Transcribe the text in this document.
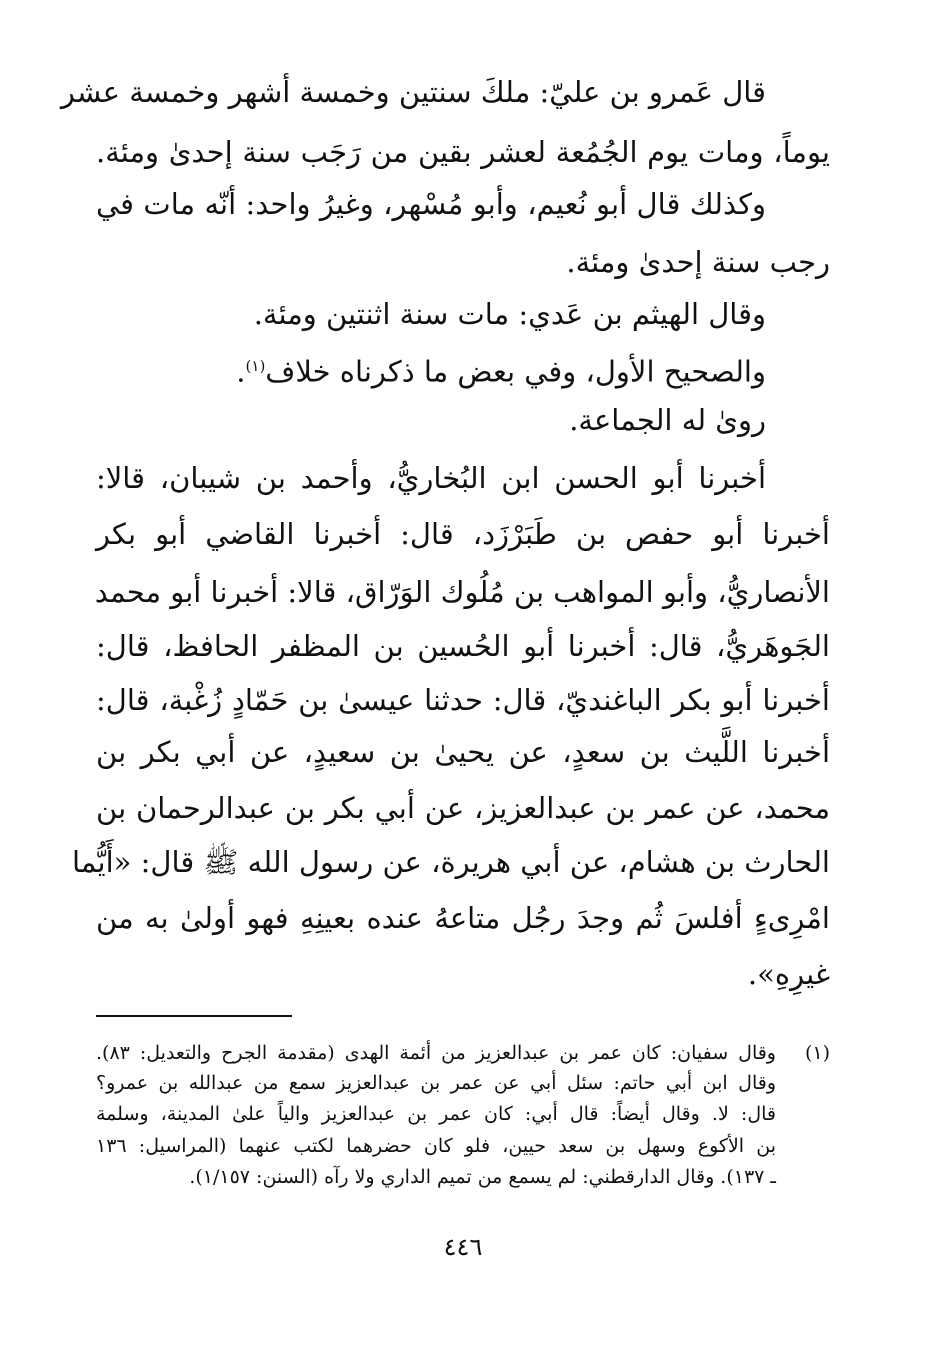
قال عَمرو بن عليّ: ملكَ سنتين وخمسة أشهر وخمسة عشر
يوماً، ومات يوم الجُمُعة لعشر بقين من رَجَب سنة إحدىٰ ومئة.
وكذلك قال أبو نُعيم، وأبو مُسْهر، وغيرُ واحد: أنّه مات في
رجب سنة إحدىٰ ومئة.
وقال الهيثم بن عَدي: مات سنة اثنتين ومئة.
والصحيح الأول، وفي بعض ما ذكرناه خلاف$^{(١)}$.
رویٰ له الجماعة.
أخبرنا أبو الحسن ابن البُخاريُّ، وأحمد بن شيبان، قالا:
أخبرنا أبو حفص بن طَبَرْزَد، قال: أخبرنا القاضي أبو بكر
الأنصاريُّ، وأبو المواهب بن مُلُوك الوَرّاق، قالا: أخبرنا أبو محمد
الجَوهَريُّ، قال: أخبرنا أبو الحُسين بن المظفر الحافظ، قال:
أخبرنا أبو بكر الباغنديّ، قال: حدثنا عيسىٰ بن حَمّادٍ زُغْبة، قال:
أخبرنا اللَّيث بن سعدٍ، عن يحيىٰ بن سعيدٍ، عن أبي بكر بن
محمد، عن عمر بن عبدالعزيز، عن أبي بكر بن عبدالرحمان بن
الحارث بن هشام، عن أبي هريرة، عن رسول الله ﷺ قال: «أَيُّما
امْرِىءٍ أفلسَ ثُم وجدَ رجُل متاعهُ عنده بعينِهِ فهو أولىٰ به من
غيرِهِ».
(١)
وقال سفيان: كان عمر بن عبدالعزيز من أئمة الهدى (مقدمة الجرح والتعديل: ٨٣).
وقال ابن أبي حاتم: سئل أبي عن عمر بن عبدالعزيز سمع من عبدالله بن عمرو؟
قال: لا. وقال أيضاً: قال أبي: كان عمر بن عبدالعزيز والياً علىٰ المدينة، وسلمة
بن الأكوع وسهل بن سعد حيين، فلو كان حضرهما لكتب عنهما (المراسيل: ١٣٦
ـ ١٣٧). وقال الدارقطني: لم يسمع من تميم الداري ولا رآه (السنن: ١/١٥٧).
٤٤٦
